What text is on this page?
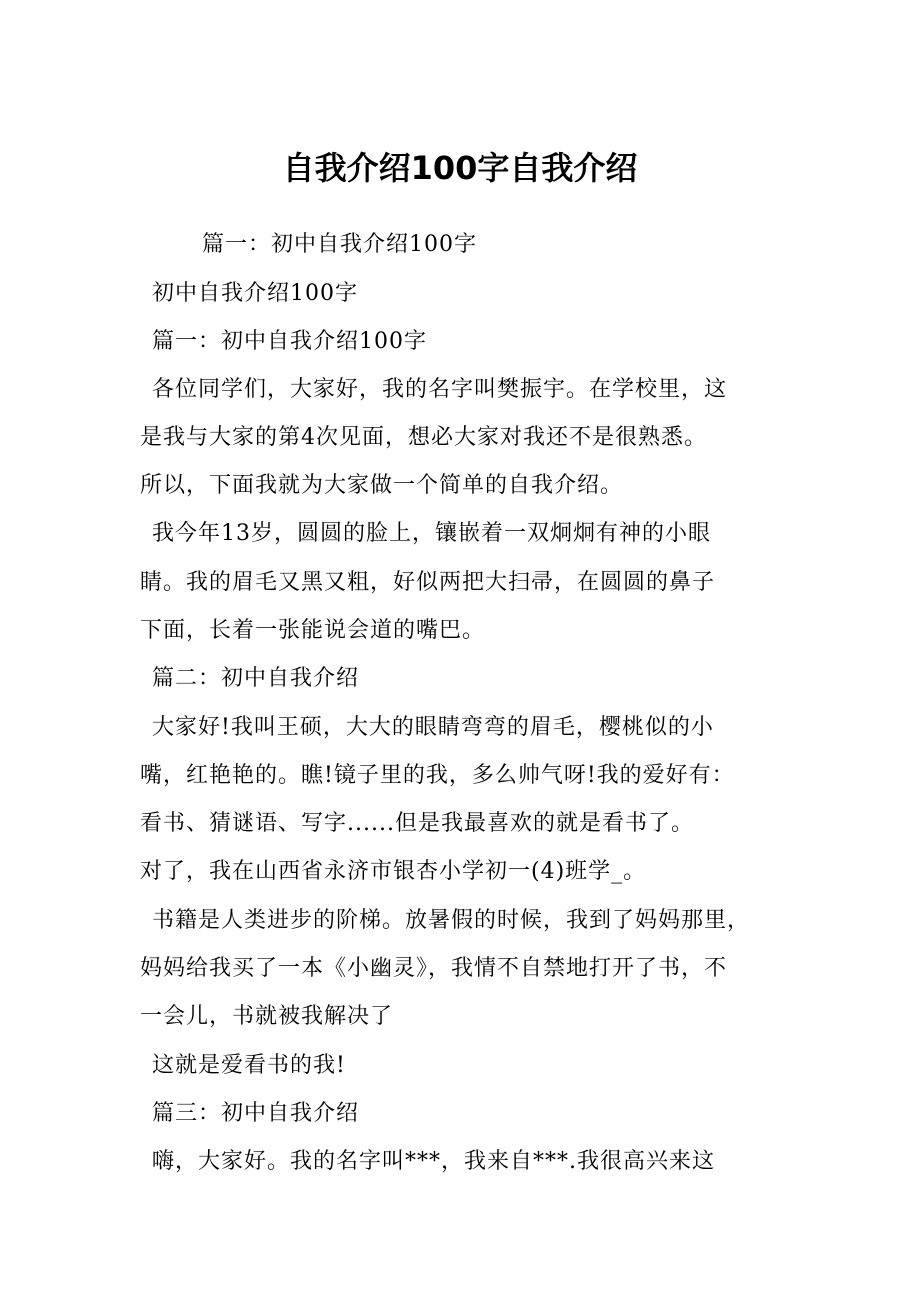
自我介绍100字自我介绍
篇一：初中自我介绍100字
初中自我介绍100字
篇一：初中自我介绍100字
各位同学们，大家好，我的名字叫樊振宇。在学校里，这
是我与大家的第4次见面，想必大家对我还不是很熟悉。
所以，下面我就为大家做一个简单的自我介绍。
我今年13岁，圆圆的脸上，镶嵌着一双炯炯有神的小眼
睛。我的眉毛又黑又粗，好似两把大扫帚，在圆圆的鼻子
下面，长着一张能说会道的嘴巴。
篇二：初中自我介绍
大家好!我叫王硕，大大的眼睛弯弯的眉毛，樱桃似的小
嘴，红艳艳的。瞧!镜子里的我，多么帅气呀!我的爱好有：
看书、猜谜语、写字......但是我最喜欢的就是看书了。
对了，我在山西省永济市银杏小学初一(4)班学_。
书籍是人类进步的阶梯。放暑假的时候，我到了妈妈那里，
妈妈给我买了一本《小幽灵》，我情不自禁地打开了书，不
一会儿，书就被我解决了
这就是爱看书的我!
篇三：初中自我介绍
嗨，大家好。我的名字叫***，我来自***.我很高兴来这
